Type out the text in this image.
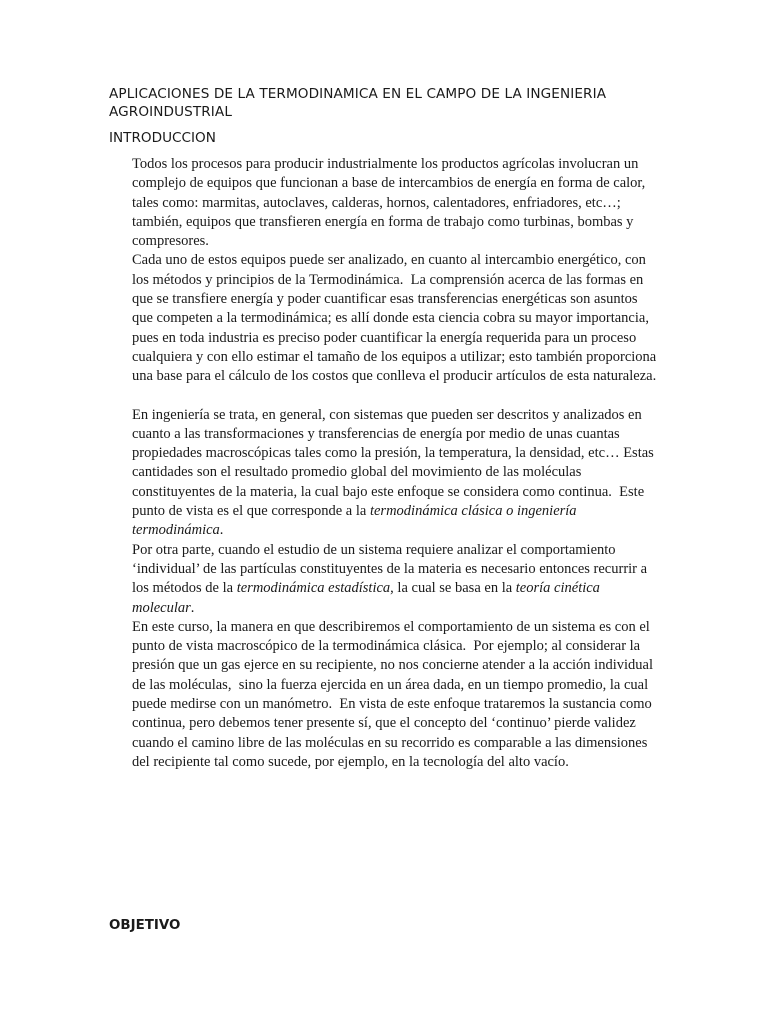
APLICACIONES DE LA TERMODINAMICA EN EL CAMPO DE LA INGENIERIA AGROINDUSTRIAL
INTRODUCCION

Todos los procesos para producir industrialmente los productos agrícolas involucran un complejo de equipos que funcionan a base de intercambios de energía en forma de calor,  tales como: marmitas, autoclaves, calderas, hornos, calentadores, enfriadores, etc…;  también, equipos que transfieren energía en forma de trabajo como turbinas, bombas y compresores.

Cada uno de estos equipos puede ser analizado, en cuanto al intercambio energético, con los métodos y principios de la Termodinámica.  La comprensión acerca de las formas en que se transfiere energía y poder cuantificar esas transferencias energéticas son asuntos que competen a la termodinámica; es allí donde esta ciencia cobra su mayor importancia, pues en toda industria es preciso poder cuantificar la energía requerida para un proceso cualquiera y con ello estimar el tamaño de los equipos a utilizar; esto también proporciona una base para el cálculo de los costos que conlleva el producir artículos de esta naturaleza.

En ingeniería se trata, en general, con sistemas que pueden ser descritos y analizados en cuanto a las transformaciones y transferencias de energía por medio de unas cuantas propiedades macroscópicas tales como la presión, la temperatura, la densidad, etc… Estas cantidades son el resultado promedio global del movimiento de las moléculas constituyentes de la materia, la cual bajo este enfoque se considera como continua.  Este punto de vista es el que corresponde a la termodinámica clásica o ingeniería termodinámica.

Por otra parte, cuando el estudio de un sistema requiere analizar el comportamiento ‘individual’ de las partículas constituyentes de la materia es necesario entonces recurrir a los métodos de la termodinámica estadística, la cual se basa en la teoría cinética molecular.

En este curso, la manera en que describiremos el comportamiento de un sistema es con el punto de vista macroscópico de la termodinámica clásica.  Por ejemplo; al considerar la presión que un gas ejerce en su recipiente, no nos concierne atender a la acción individual de las moléculas,  sino la fuerza ejercida en un área dada, en un tiempo promedio, la cual puede medirse con un manómetro.  En vista de este enfoque trataremos la sustancia como continua, pero debemos tener presente sí, que el concepto del ‘continuo’ pierde validez cuando el camino libre de las moléculas en su recorrido es comparable a las dimensiones del recipiente tal como sucede, por ejemplo, en la tecnología del alto vacío.

OBJETIVO
